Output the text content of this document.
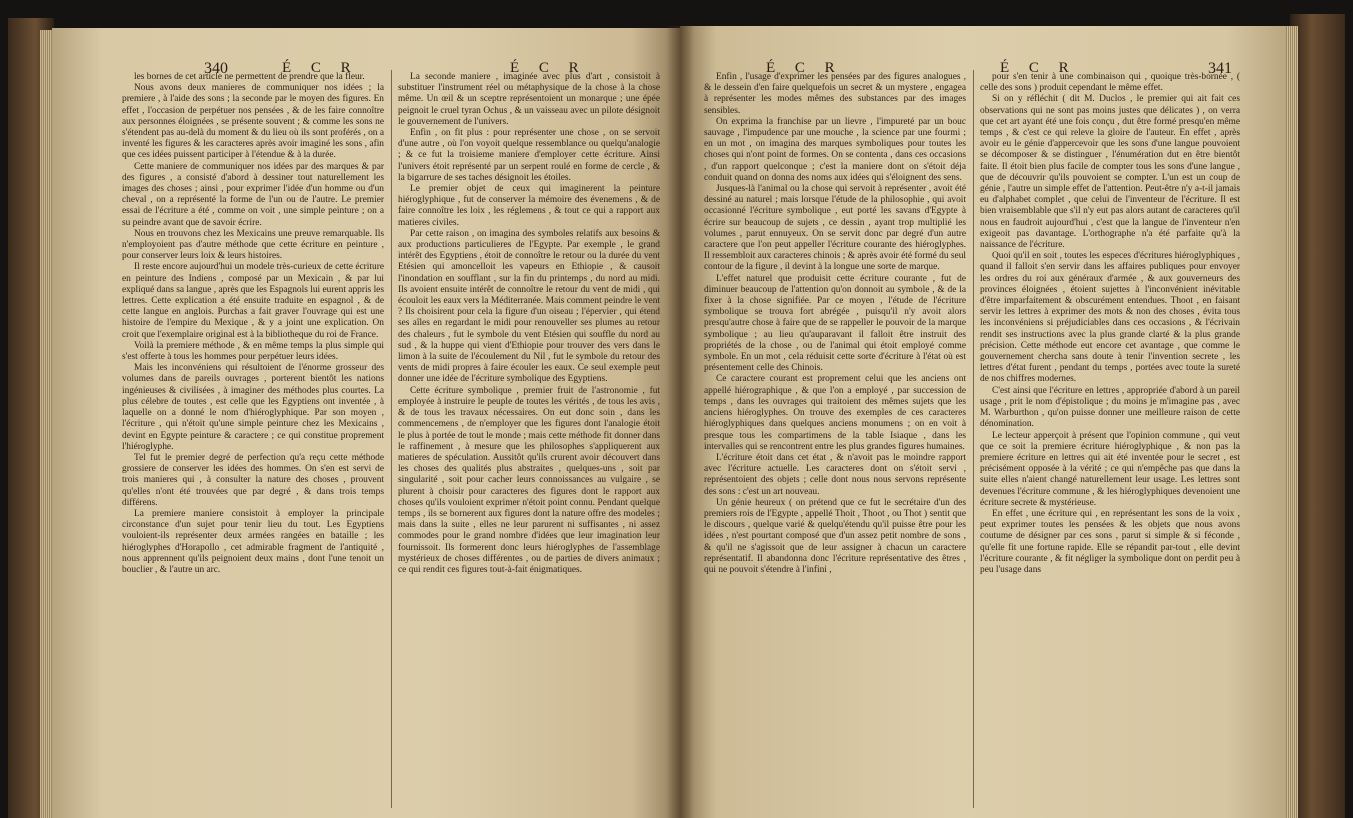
340	É C R	É C R	É C R	É C R	341

les bornes de cet article ne permettent de prendre que la fleur.

Nous avons deux manieres de communiquer nos idées ; la premiere , à l'aide des sons ; la seconde par le moyen des figures. En effet , l'occasion de perpétuer nos pensées , & de les faire connoître aux personnes éloignées , se présente souvent ; & comme les sons ne s'étendent pas au-delà du moment & du lieu où ils sont proférés , on a inventé les figures & les caracteres après avoir imaginé les sons , afin que ces idées puissent participer à l'étendue & à la durée.

Cette maniere de communiquer nos idées par des marques & par des figures , a consisté d'abord à dessiner tout naturellement les images des choses ; ainsi , pour exprimer l'idée d'un homme ou d'un cheval , on a représenté la forme de l'un ou de l'autre. Le premier essai de l'écriture a été , comme on voit , une simple peinture ; on a su peindre avant que de savoir écrire.

Nous en trouvons chez les Mexicains une preuve remarquable. Ils n'employoient pas d'autre méthode que cette écriture en peinture , pour conserver leurs loix & leurs histoires.

Il reste encore aujourd'hui un modele très-curieux de cette écriture en peinture des Indiens , composé par un Mexicain , & par lui expliqué dans sa langue , après que les Espagnols lui eurent appris les lettres. Cette explication a été ensuite traduite en espagnol , & de cette langue en anglois. Purchas a fait graver l'ouvrage qui est une histoire de l'empire du Mexique , & y a joint une explication. On croit que l'exemplaire original est à la bibliotheque du roi de France.

Voilà la premiere méthode , & en même temps la plus simple qui s'est offerte à tous les hommes pour perpétuer leurs idées.

Mais les inconvéniens qui résultoient de l'énorme grosseur des volumes dans de pareils ouvrages , porterent bientôt les nations ingénieuses & civilisées , à imaginer des méthodes plus courtes. La plus célebre de toutes , est celle que les Egyptiens ont inventée , à laquelle on a donné le nom d'hiéroglyphique. Par son moyen , l'écriture , qui n'étoit qu'une simple peinture chez les Mexicains , devint en Egypte peinture & caractere ; ce qui constitue proprement l'hiéroglyphe.

Tel fut le premier degré de perfection qu'a reçu cette méthode grossiere de conserver les idées des hommes. On s'en est servi de trois manieres qui , à consulter la nature des choses , prouvent qu'elles n'ont été trouvées que par degré , & dans trois temps différens.

La premiere maniere consistoit à employer la principale circonstance d'un sujet pour tenir lieu du tout. Les Egyptiens vouloient-ils représenter deux armées rangées en bataille ; les hiéroglyphes d'Horapollo , cet admirable fragment de l'antiquité , nous apprennent qu'ils peignoient deux mains , dont l'une tenoit un bouclier , & l'autre un arc.

La seconde maniere , imaginée avec plus d'art , consistoit à substituer l'instrument réel ou métaphysique de la chose à la chose même. Un œil & un sceptre représentoient un monarque ; une épée peignoit le cruel tyran Ochus , & un vaisseau avec un pilote désignoit le gouvernement de l'univers.

Enfin , on fit plus : pour représenter une chose , on se servoit d'une autre , où l'on voyoit quelque ressemblance ou quelqu'analogie ; & ce fut la troisieme maniere d'employer cette écriture. Ainsi l'univers étoit représenté par un serpent roulé en forme de cercle , & la bigarrure de ses taches désignoit les étoiles.

Le premier objet de ceux qui imaginerent la peinture hiéroglyphique , fut de conserver la mémoire des évenemens , & de faire connoître les loix , les réglemens , & tout ce qui a rapport aux matieres civiles.

Par cette raison , on imagina des symboles relatifs aux besoins & aux productions particulieres de l'Egypte. Par exemple , le grand intérêt des Egyptiens , étoit de connoître le retour ou la durée du vent Etésien qui amoncelloit les vapeurs en Ethiopie , & causoit l'inondation en soufflant , sur la fin du printemps , du nord au midi. Ils avoient ensuite intérêt de connoître le retour du vent de midi , qui écouloit les eaux vers la Méditerranée. Mais comment peindre le vent ? Ils choisirent pour cela la figure d'un oiseau ; l'épervier , qui étend ses aîles en regardant le midi pour renouveller ses plumes au retour des chaleurs , fut le symbole du vent Etésien qui souffle du nord au sud , & la huppe qui vient d'Ethiopie pour trouver des vers dans le limon à la suite de l'écoulement du Nil , fut le symbole du retour des vents de midi propres à faire écouler les eaux. Ce seul exemple peut donner une idée de l'écriture symbolique des Egyptiens.

Cette écriture symbolique , premier fruit de l'astronomie , fut employée à instruire le peuple de toutes les vérités , de tous les avis , & de tous les travaux nécessaires. On eut donc soin , dans les commencemens , de n'employer que les figures dont l'analogie étoit le plus à portée de tout le monde ; mais cette méthode fit donner dans le raffinement , à mesure que les philosophes s'appliquerent aux matieres de spéculation. Aussitôt qu'ils crurent avoir découvert dans les choses des qualités plus abstraites , quelques-uns , soit par singularité , soit pour cacher leurs connoissances au vulgaire , se plurent à choisir pour caracteres des figures dont le rapport aux choses qu'ils vouloient exprimer n'étoit point connu. Pendant quelque temps , ils se bornerent aux figures dont la nature offre des modeles ; mais dans la suite , elles ne leur parurent ni suffisantes , ni assez commodes pour le grand nombre d'idées que leur imagination leur fournissoit. Ils formerent donc leurs hiéroglyphes de l'assemblage mystérieux de choses différentes , ou de parties de divers animaux ; ce qui rendit ces figures tout-à-fait énigmatiques.

Enfin , l'usage d'exprimer les pensées par des figures analogues , & le dessein d'en faire quelquefois un secret & un mystere , engagea à représenter les modes mêmes des substances par des images sensibles.

On exprima la franchise par un lievre , l'impureté par un bouc sauvage , l'impudence par une mouche , la science par une fourmi ; en un mot , on imagina des marques symboliques pour toutes les choses qui n'ont point de formes. On se contenta , dans ces occasions , d'un rapport quelconque ; c'est la maniere dont on s'étoit déja conduit quand on donna des noms aux idées qui s'éloignent des sens.

Jusques-là l'animal ou la chose qui servoit à représenter , avoit été dessiné au naturel ; mais lorsque l'étude de la philosophie , qui avoit occasionné l'écriture symbolique , eut porté les savans d'Egypte à écrire sur beaucoup de sujets , ce dessin , ayant trop multiplié les volumes , parut ennuyeux. On se servit donc par degré d'un autre caractere que l'on peut appeller l'écriture courante des hiéroglyphes. Il ressembloit aux caracteres chinois ; & après avoir été formé du seul contour de la figure , il devint à la longue une sorte de marque.

L'effet naturel que produisit cette écriture courante , fut de diminuer beaucoup de l'attention qu'on donnoit au symbole , & de la fixer à la chose signifiée. Par ce moyen , l'étude de l'écriture symbolique se trouva fort abrégée , puisqu'il n'y avoit alors presqu'autre chose à faire que de se rappeller le pouvoir de la marque symbolique ; au lieu qu'auparavant il falloit être instruit des propriétés de la chose , ou de l'animal qui étoit employé comme symbole. En un mot , cela réduisit cette sorte d'écriture à l'état où est présentement celle des Chinois.

Ce caractere courant est proprement celui que les anciens ont appellé hiérographique , & que l'on a employé , par succession de temps , dans les ouvrages qui traitoient des mêmes sujets que les anciens hiéroglyphes. On trouve des exemples de ces caracteres hiéroglyphiques dans quelques anciens monumens ; on en voit à presque tous les compartimens de la table Isiaque , dans les intervalles qui se rencontrent entre les plus grandes figures humaines.

L'écriture étoit dans cet état , & n'avoit pas le moindre rapport avec l'écriture actuelle. Les caracteres dont on s'étoit servi , représentoient des objets ; celle dont nous nous servons représente des sons : c'est un art nouveau.

Un génie heureux ( on prétend que ce fut le secrétaire d'un des premiers rois de l'Egypte , appellé Thoit , Thoot , ou Thot ) sentit que le discours , quelque varié & quelqu'étendu qu'il puisse être pour les idées , n'est pourtant composé que d'un assez petit nombre de sons , & qu'il ne s'agissoit que de leur assigner à chacun un caractere représentatif. Il abandonna donc l'écriture représentative des êtres , qui ne pouvoit s'étendre à l'infini ,

pour s'en tenir à une combinaison qui , quoique très-bornée , ( celle des sons ) produit cependant le même effet.

Si on y réfléchit ( dit M. Duclos , le premier qui ait fait ces observations qui ne sont pas moins justes que délicates ) , on verra que cet art ayant été une fois conçu , dut être formé presqu'en même temps , & c'est ce qui releve la gloire de l'auteur. En effet , après avoir eu le génie d'appercevoir que les sons d'une langue pouvoient se décomposer & se distinguer , l'énumération dut en être bientôt faite. Il étoit bien plus facile de compter tous les sons d'une langue , que de découvrir qu'ils pouvoient se compter. L'un est un coup de génie , l'autre un simple effet de l'attention. Peut-être n'y a-t-il jamais eu d'alphabet complet , que celui de l'inventeur de l'écriture. Il est bien vraisemblable que s'il n'y eut pas alors autant de caracteres qu'il nous en faudroit aujourd'hui , c'est que la langue de l'inventeur n'en exigeoit pas davantage. L'orthographe n'a été parfaite qu'à la naissance de l'écriture.

Quoi qu'il en soit , toutes les especes d'écritures hiéroglyphiques , quand il falloit s'en servir dans les affaires publiques pour envoyer les ordres du roi aux généraux d'armée , & aux gouverneurs des provinces éloignées , étoient sujettes à l'inconvénient inévitable d'être imparfaitement & obscurément entendues. Thoot , en faisant servir les lettres à exprimer des mots & non des choses , évita tous les inconvéniens si préjudiciables dans ces occasions , & l'écrivain rendit ses instructions avec la plus grande clarté & la plus grande précision. Cette méthode eut encore cet avantage , que comme le gouvernement chercha sans doute à tenir l'invention secrete , les lettres d'état furent , pendant du temps , portées avec toute la sureté de nos chiffres modernes.

C'est ainsi que l'écriture en lettres , appropriée d'abord à un pareil usage , prit le nom d'épistolique ; du moins je m'imagine pas , avec M. Warburthon , qu'on puisse donner une meilleure raison de cette dénomination.

Le lecteur apperçoit à présent que l'opinion commune , qui veut que ce soit la premiere écriture hiéroglyphique , & non pas la premiere écriture en lettres qui ait été inventée pour le secret , est précisément opposée à la vérité ; ce qui n'empêche pas que dans la suite elles n'aient changé naturellement leur usage. Les lettres sont devenues l'écriture commune , & les hiéroglyphiques devenoient une écriture secrete & mystérieuse.

En effet , une écriture qui , en représentant les sons de la voix , peut exprimer toutes les pensées & les objets que nous avons coutume de désigner par ces sons , parut si simple & si féconde , qu'elle fit une fortune rapide. Elle se répandit par-tout , elle devint l'écriture courante , & fit négliger la symbolique dont on perdit peu à peu l'usage dans
